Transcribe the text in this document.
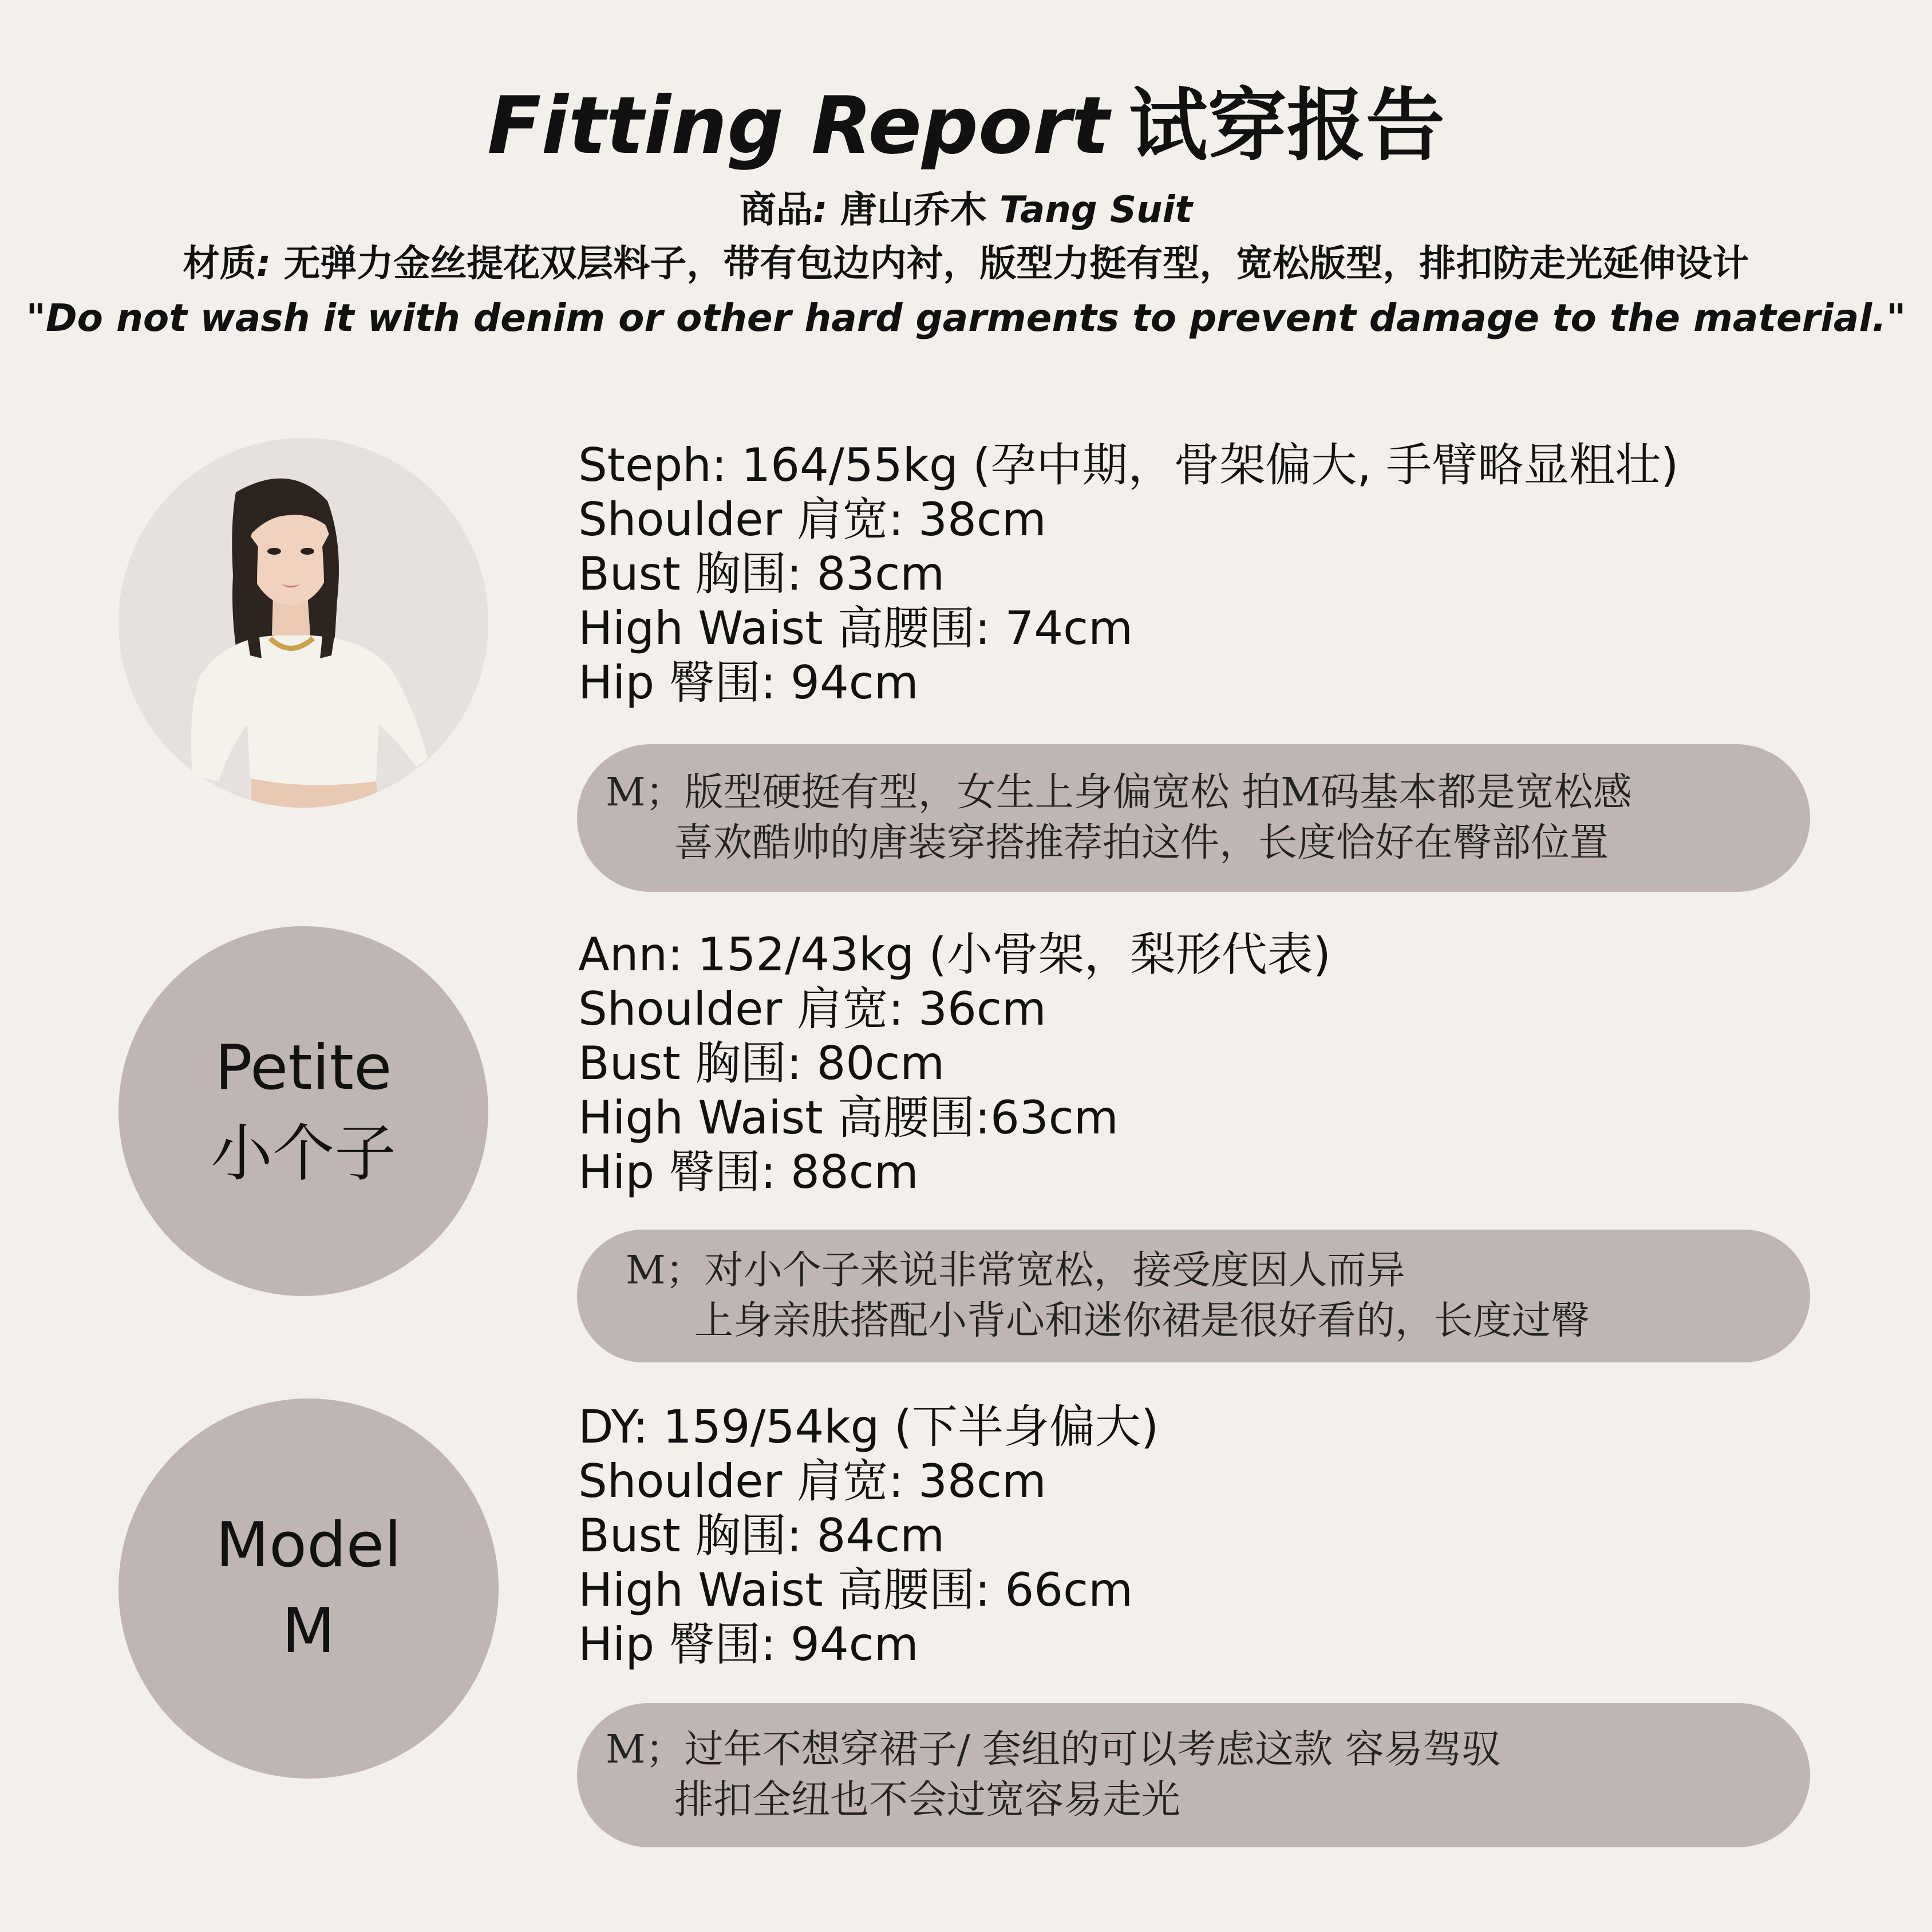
Fitting Report 试穿报告
商品: 唐山乔木 Tang Suit
材质: 无弹力金丝提花双层料子，带有包边内衬，版型力挺有型，宽松版型，排扣防走光延伸设计
"Do not wash it with denim or other hard garments to prevent damage to the material."
Steph: 164/55kg (孕中期，骨架偏大, 手臂略显粗壮)
Shoulder 肩宽: 38cm
Bust 胸围: 83cm
High Waist 高腰围: 74cm
Hip 臀围: 94cm
M；版型硬挺有型，女生上身偏宽松 拍M码基本都是宽松感
喜欢酷帅的唐装穿搭推荐拍这件，长度恰好在臀部位置
Petite
小个子
Ann: 152/43kg (小骨架，梨形代表)
Shoulder 肩宽: 36cm
Bust 胸围: 80cm
High Waist 高腰围:63cm
Hip 臀围: 88cm
M；对小个子来说非常宽松，接受度因人而异
上身亲肤搭配小背心和迷你裙是很好看的，长度过臀
Model
M
DY: 159/54kg (下半身偏大)
Shoulder 肩宽: 38cm
Bust 胸围: 84cm
High Waist 高腰围: 66cm
Hip 臀围: 94cm
M；过年不想穿裙子/ 套组的可以考虑这款 容易驾驭
排扣全纽也不会过宽容易走光
